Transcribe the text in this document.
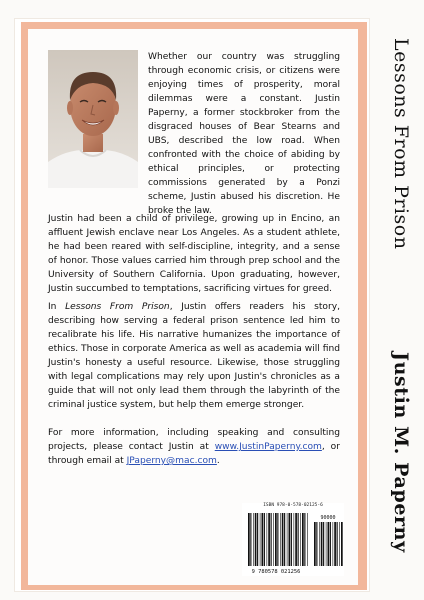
Whether our country was struggling through economic crisis, or citizens were enjoying times of prosperity, moral dilemmas were a constant. Justin Paperny, a former stockbroker from the disgraced houses of Bear Stearns and UBS, described the low road. When confronted with the choice of abiding by ethical principles, or protecting commissions generated by a Ponzi scheme, Justin abused his discretion. He broke the law.
Justin had been a child of privilege, growing up in Encino, an affluent Jewish enclave near Los Angeles. As a student athlete, he had been reared with self-discipline, integrity, and a sense of honor. Those values carried him through prep school and the University of Southern California. Upon graduating, however, Justin succumbed to temptations, sacrificing virtues for greed.
In Lessons From Prison, Justin offers readers his story, describing how serving a federal prison sentence led him to recalibrate his life. His narrative humanizes the importance of ethics. Those in corporate America as well as academia will find Justin's honesty a useful resource. Likewise, those struggling with legal complications may rely upon Justin's chronicles as a guide that will not only lead them through the labyrinth of the criminal justice system, but help them emerge stronger.
For more information, including speaking and consulting projects, please contact Justin at www.JustinPaperny.com, or through email at JPaperny@mac.com.
90000
9 780578 021256
ISBN 978-0-578-02125-6
Lessons From Prison
Justin M. Paperny
